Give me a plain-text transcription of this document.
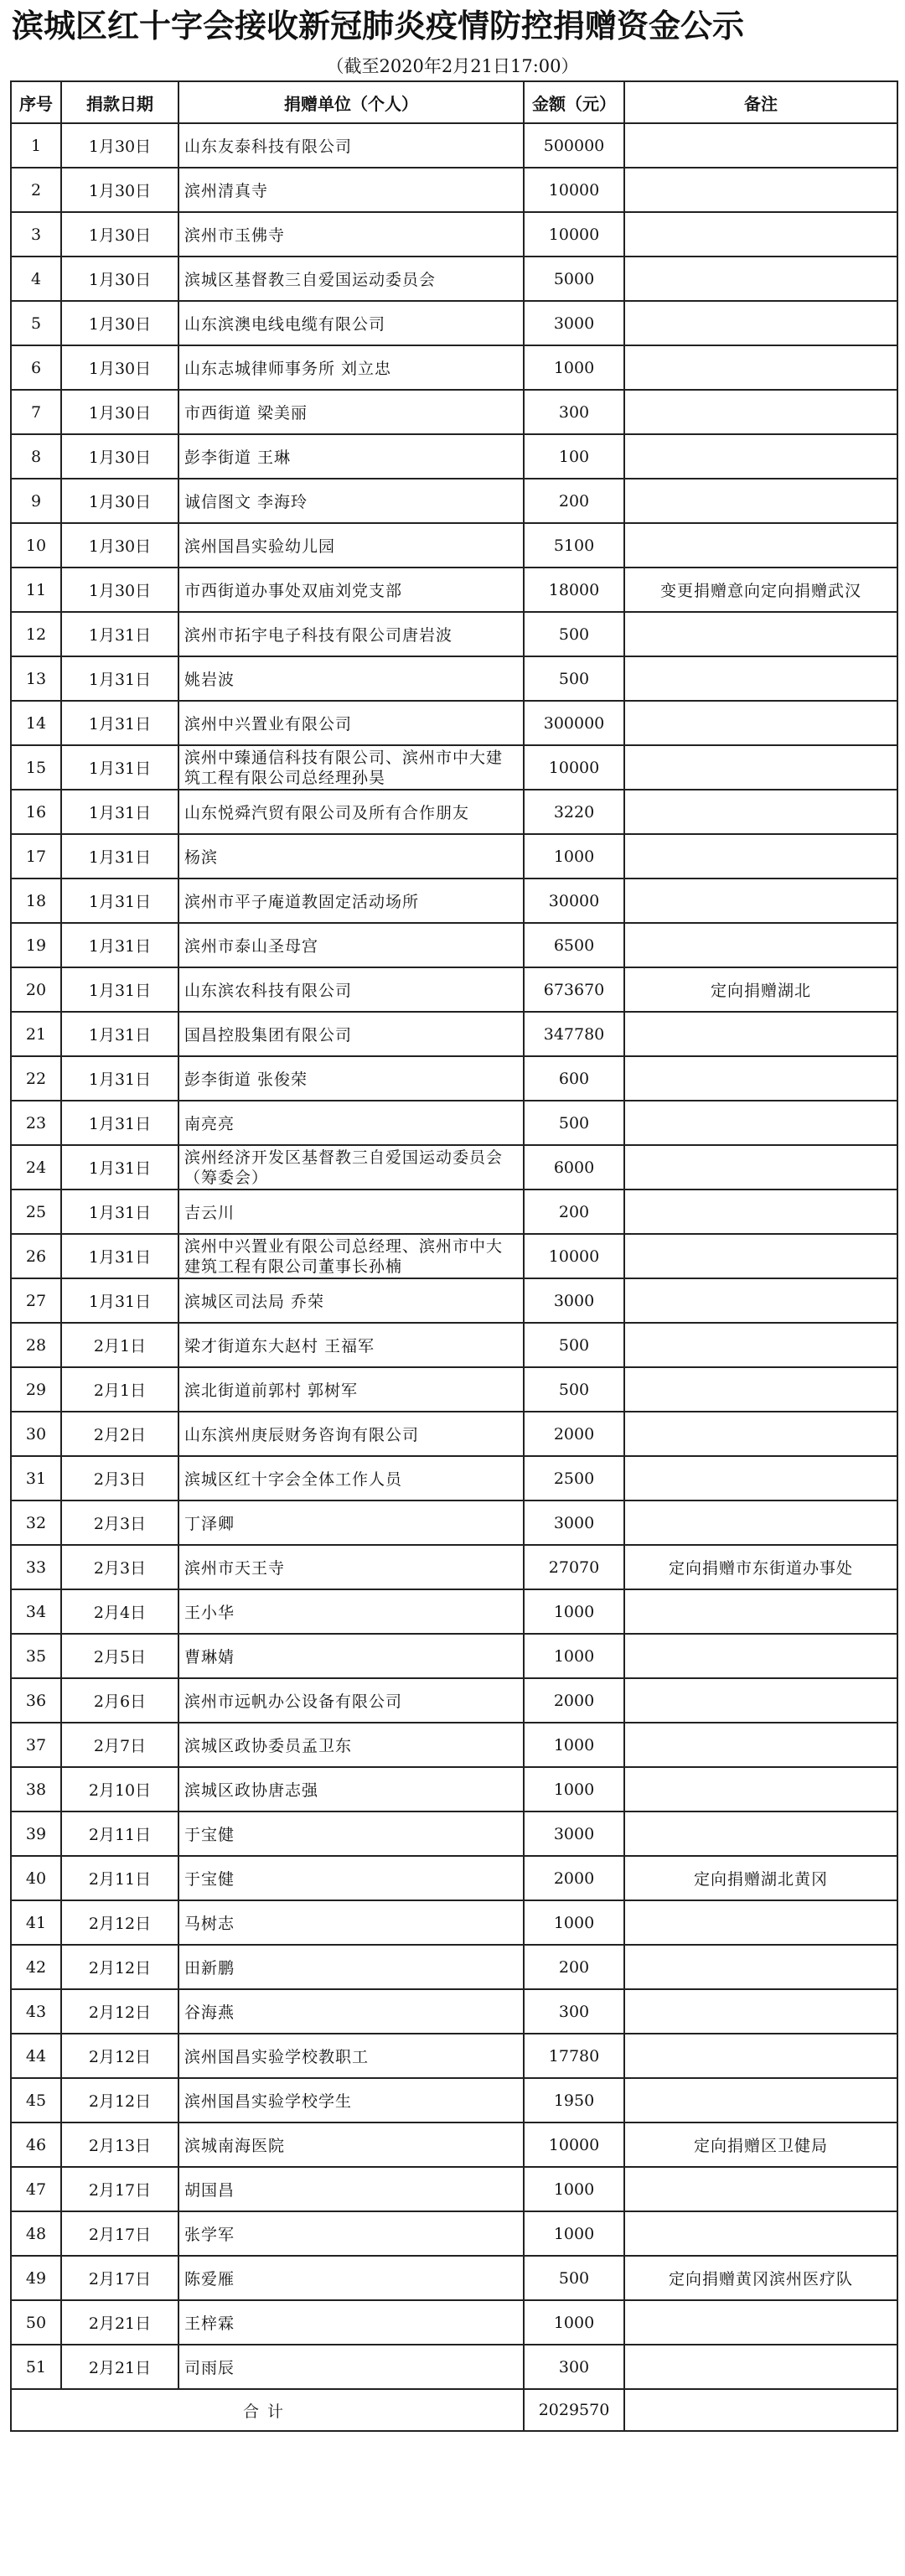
滨城区红十字会接收新冠肺炎疫情防控捐赠资金公示
（截至2020年2月21日17:00）
序号	捐款日期	捐赠单位（个人）	金额（元）	备注
1	1月30日	山东友泰科技有限公司	500000	
2	1月30日	滨州清真寺	10000	
3	1月30日	滨州市玉佛寺	10000	
4	1月30日	滨城区基督教三自爱国运动委员会	5000	
5	1月30日	山东滨澳电线电缆有限公司	3000	
6	1月30日	山东志城律师事务所 刘立忠	1000	
7	1月30日	市西街道 梁美丽	300	
8	1月30日	彭李街道 王琳	100	
9	1月30日	诚信图文 李海玲	200	
10	1月30日	滨州国昌实验幼儿园	5100	
11	1月30日	市西街道办事处双庙刘党支部	18000	变更捐赠意向定向捐赠武汉
12	1月31日	滨州市拓宇电子科技有限公司唐岩波	500	
13	1月31日	姚岩波	500	
14	1月31日	滨州中兴置业有限公司	300000	
15	1月31日	滨州中臻通信科技有限公司、滨州市中大建筑工程有限公司总经理孙昊	10000	
16	1月31日	山东悦舜汽贸有限公司及所有合作朋友	3220	
17	1月31日	杨滨	1000	
18	1月31日	滨州市平子庵道教固定活动场所	30000	
19	1月31日	滨州市泰山圣母宫	6500	
20	1月31日	山东滨农科技有限公司	673670	定向捐赠湖北
21	1月31日	国昌控股集团有限公司	347780	
22	1月31日	彭李街道 张俊荣	600	
23	1月31日	南亮亮	500	
24	1月31日	滨州经济开发区基督教三自爱国运动委员会（筹委会）	6000	
25	1月31日	吉云川	200	
26	1月31日	滨州中兴置业有限公司总经理、滨州市中大建筑工程有限公司董事长孙楠	10000	
27	1月31日	滨城区司法局 乔荣	3000	
28	2月1日	梁才街道东大赵村 王福军	500	
29	2月1日	滨北街道前郭村 郭树军	500	
30	2月2日	山东滨州庚辰财务咨询有限公司	2000	
31	2月3日	滨城区红十字会全体工作人员	2500	
32	2月3日	丁泽卿	3000	
33	2月3日	滨州市天王寺	27070	定向捐赠市东街道办事处
34	2月4日	王小华	1000	
35	2月5日	曹琳婧	1000	
36	2月6日	滨州市远帆办公设备有限公司	2000	
37	2月7日	滨城区政协委员孟卫东	1000	
38	2月10日	滨城区政协唐志强	1000	
39	2月11日	于宝健	3000	
40	2月11日	于宝健	2000	定向捐赠湖北黄冈
41	2月12日	马树志	1000	
42	2月12日	田新鹏	200	
43	2月12日	谷海燕	300	
44	2月12日	滨州国昌实验学校教职工	17780	
45	2月12日	滨州国昌实验学校学生	1950	
46	2月13日	滨城南海医院	10000	定向捐赠区卫健局
47	2月17日	胡国昌	1000	
48	2月17日	张学军	1000	
49	2月17日	陈爱雁	500	定向捐赠黄冈滨州医疗队
50	2月21日	王梓霖	1000	
51	2月21日	司雨辰	300	
合计			2029570	
